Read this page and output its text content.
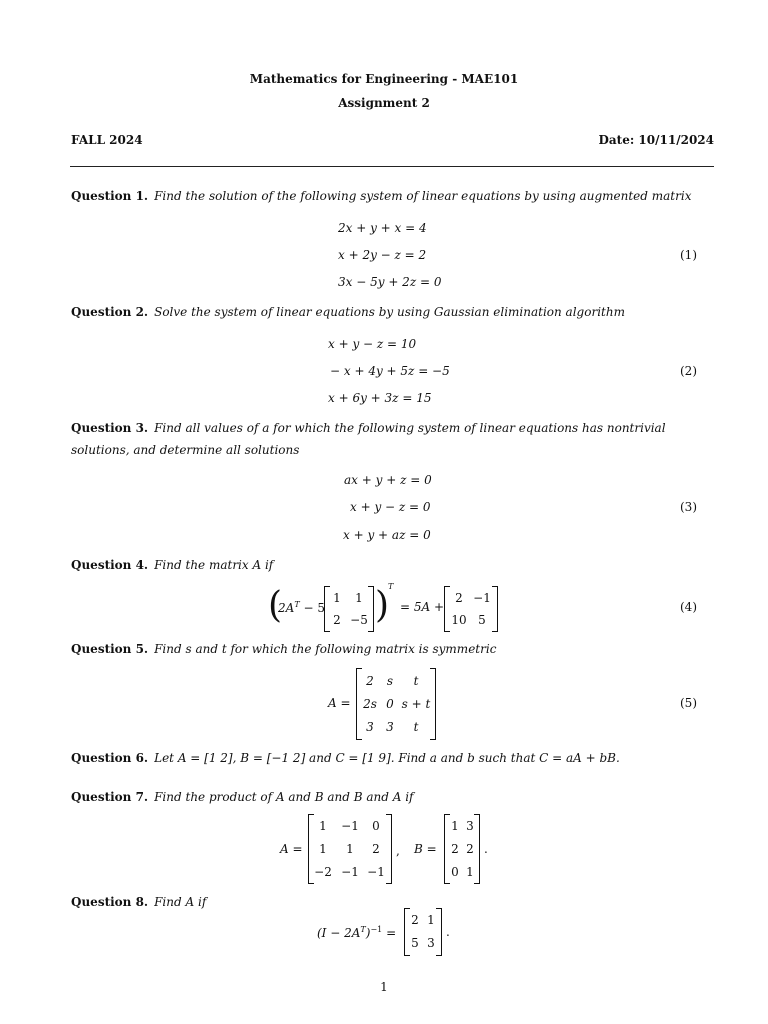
Mathematics for Engineering - MAE101
Assignment 2
FALL 2024	Date: 10/11/2024
Question 1. Find the solution of the following system of linear equations by using augmented matrix
2x + y + x = 4
x + 2y − z = 2
3x − 5y + 2z = 0
(1)
Question 2. Solve the system of linear equations by using Gaussian elimination algorithm
x + y − z = 10
− x + 4y + 5z = −5
x + 6y + 3z = 15
(2)
Question 3. Find all values of a for which the following system of linear equations has nontrivial solutions, and determine all solutions
ax + y + z = 0
x + y − z = 0
x + y + az = 0
(3)
Question 4. Find the matrix A if
(
$2A^T - 5$
1	1
2 −5 )
T
= 5A +
2 −1
10 5
(4)
Question 5. Find s and t for which the following matrix is symmetric
A =
2	s	t
2s 0 s + t
3	3	t
(5)
Question 6. Let A = [1 2], B = [−1 2] and C = [1 9]. Find a and b such that C = aA + bB.
Question 7. Find the product of A and B and B and A if
A =
1	−1	0
1	1	2
−2 −1 −1
, B =
1 3
2 2
0 1
.
Question 8. Find A if
$(I - 2A^T)^{-1}$ =
2 1
5 3
.
1
